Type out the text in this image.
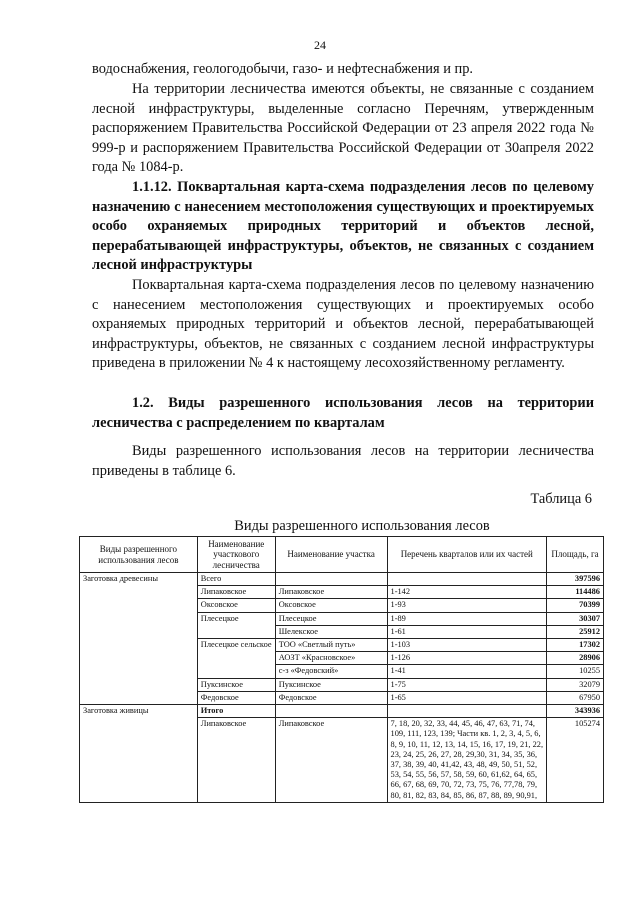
24

водоснабжения, геологодобычи, газо- и нефтеснабжения и пр.

На территории лесничества имеются объекты, не связанные с созданием лесной инфраструктуры, выделенные согласно Перечням, утвержденным распоряжением Правительства Российской Федерации от 23 апреля 2022 года № 999-р и распоряжением Правительства Российской Федерации от 30апреля 2022 года № 1084-р.

1.1.12. Поквартальная карта-схема подразделения лесов по целевому назначению с нанесением местоположения существующих и проектируемых особо охраняемых природных территорий и объектов лесной, перерабатывающей инфраструктуры, объектов, не связанных с созданием лесной инфраструктуры

Поквартальная карта-схема подразделения лесов по целевому назначению с нанесением местоположения существующих и проектируемых особо охраняемых природных территорий и объектов лесной, перерабатывающей инфраструктуры, объектов, не связанных с созданием лесной инфраструктуры приведена в приложении № 4 к настоящему лесохозяйственному регламенту.

1.2. Виды разрешенного использования лесов на территории лесничества с распределением по кварталам

Виды разрешенного использования лесов на территории лесничества приведены в таблице 6.

Таблица 6
Виды разрешенного использования лесов
Виды разрешенного использования лесов	Наименование участкового лесничества	Наименование участка	Перечень кварталов или их частей	Площадь, га
Заготовка древесины	Всего			397596
	Липаковское	Липаковское	1-142	114486
	Оксовское	Оксовское	1-93	70399
	Плесецкое	Плесецкое	1-89	30307
		Шелекское	1-61	25912
	Плесецкое сельское	ТОО «Светлый путь»	1-103	17302
		АОЗТ «Красновское»	1-126	28906
		с-з «Федовский»	1-41	10255
	Пуксинское	Пуксинское	1-75	32079
	Федовское	Федовское	1-65	67950
Заготовка живицы	Итого			343936
	Липаковское	Липаковское	7, 18, 20, 32, 33, 44, 45, 46, 47, 63, 71, 74, 109, 111, 123, 139; Части кв. 1, 2, 3, 4, 5, 6, 8, 9, 10, 11, 12, 13, 14, 15, 16, 17, 19, 21, 22, 23, 24, 25, 26, 27, 28, 29,30, 31, 34, 35, 36, 37, 38, 39, 40, 41,42, 43, 48, 49, 50, 51, 52, 53, 54, 55, 56, 57, 58, 59, 60, 61,62, 64, 65, 66, 67, 68, 69, 70, 72, 73, 75, 76, 77,78, 79, 80, 81, 82, 83, 84, 85, 86, 87, 88, 89, 90,91,	105274
